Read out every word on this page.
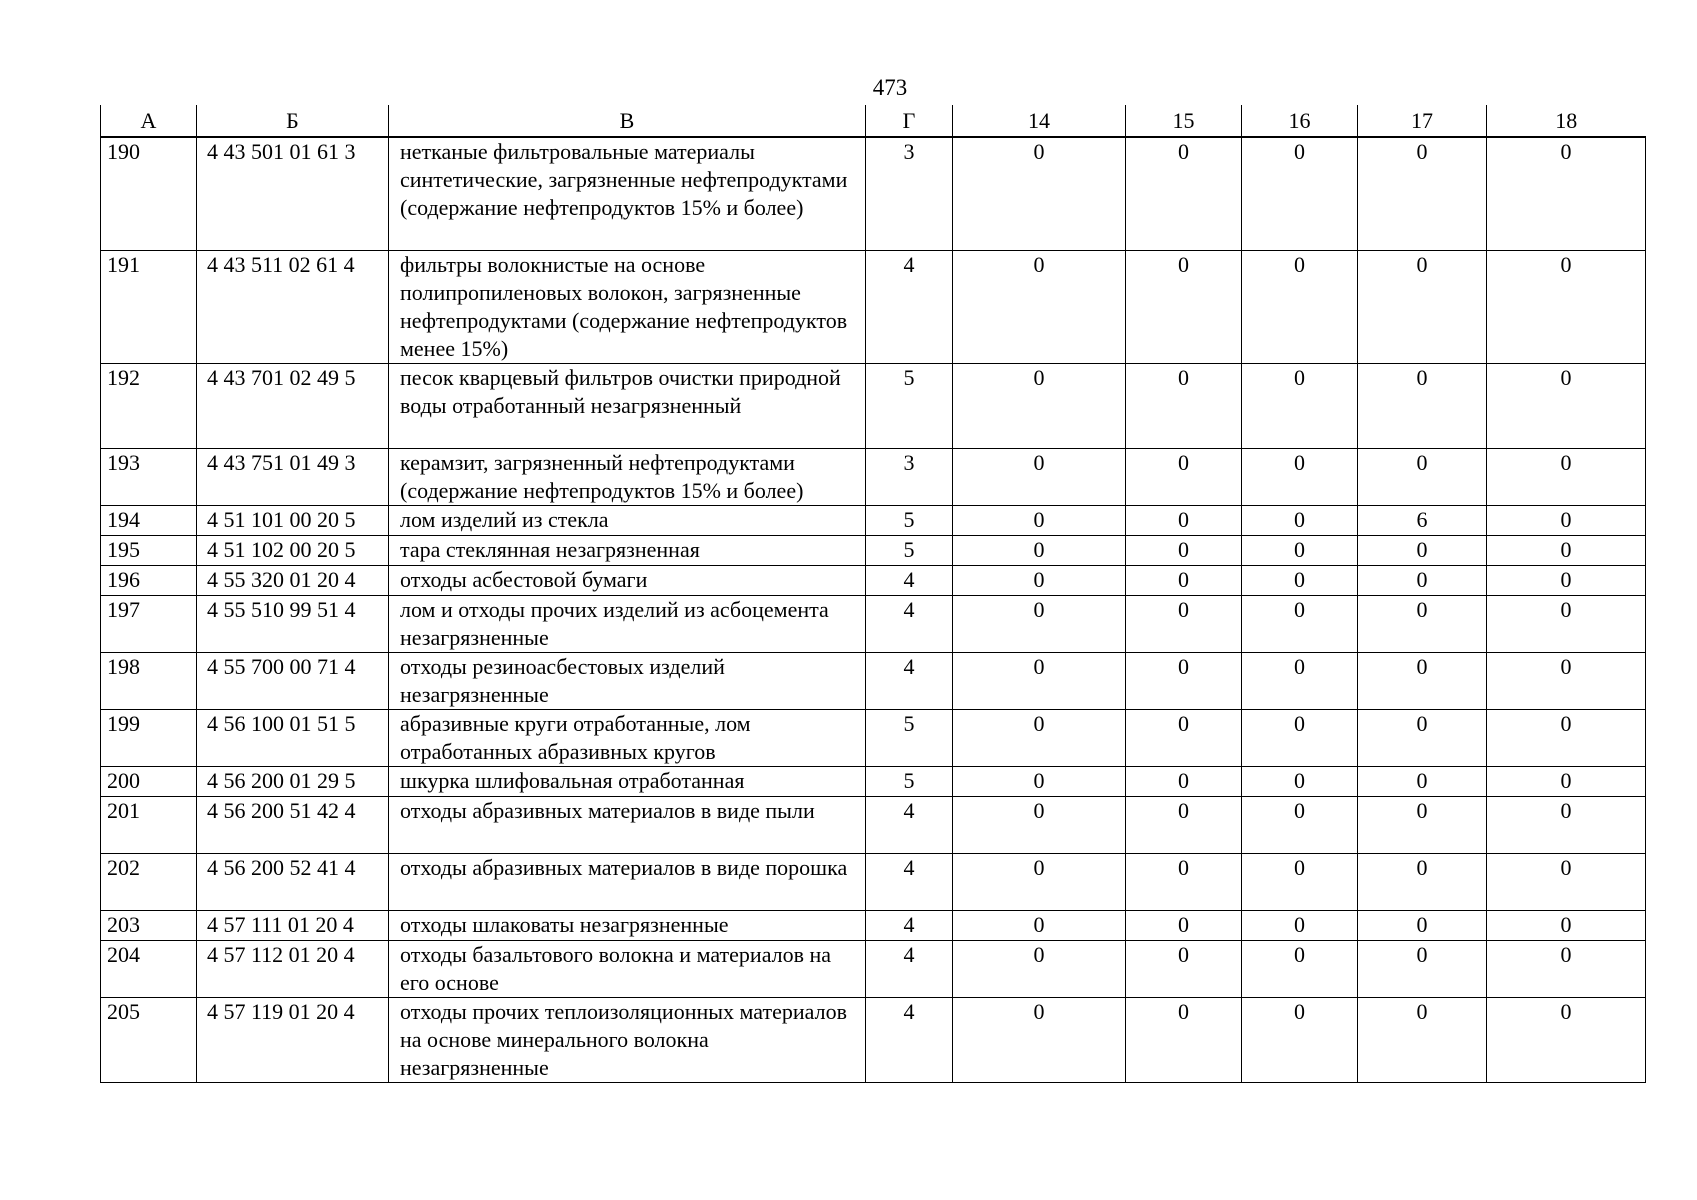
473
А	Б	В	Г	14	15	16	17	18
190	4 43 501 01 61 3	нетканые фильтровальные материалы синтетические, загрязненные нефтепродуктами (содержание нефтепродуктов 15% и более)	3	0	0	0	0	0
191	4 43 511 02 61 4	фильтры волокнистые на основе полипропиленовых волокон, загрязненные нефтепродуктами (содержание нефтепродуктов менее 15%)	4	0	0	0	0	0
192	4 43 701 02 49 5	песок кварцевый фильтров очистки природной воды отработанный незагрязненный	5	0	0	0	0	0
193	4 43 751 01 49 3	керамзит, загрязненный нефтепродуктами (содержание нефтепродуктов 15% и более)	3	0	0	0	0	0
194	4 51 101 00 20 5	лом изделий из стекла	5	0	0	0	6	0
195	4 51 102 00 20 5	тара стеклянная незагрязненная	5	0	0	0	0	0
196	4 55 320 01 20 4	отходы асбестовой бумаги	4	0	0	0	0	0
197	4 55 510 99 51 4	лом и отходы прочих изделий из асбоцемента незагрязненные	4	0	0	0	0	0
198	4 55 700 00 71 4	отходы резиноасбестовых изделий незагрязненные	4	0	0	0	0	0
199	4 56 100 01 51 5	абразивные круги отработанные, лом отработанных абразивных кругов	5	0	0	0	0	0
200	4 56 200 01 29 5	шкурка шлифовальная отработанная	5	0	0	0	0	0
201	4 56 200 51 42 4	отходы абразивных материалов в виде пыли	4	0	0	0	0	0
202	4 56 200 52 41 4	отходы абразивных материалов в виде порошка	4	0	0	0	0	0
203	4 57 111 01 20 4	отходы шлаковаты незагрязненные	4	0	0	0	0	0
204	4 57 112 01 20 4	отходы базальтового волокна и материалов на его основе	4	0	0	0	0	0
205	4 57 119 01 20 4	отходы прочих теплоизоляционных материалов на основе минерального волокна незагрязненные	4	0	0	0	0	0
